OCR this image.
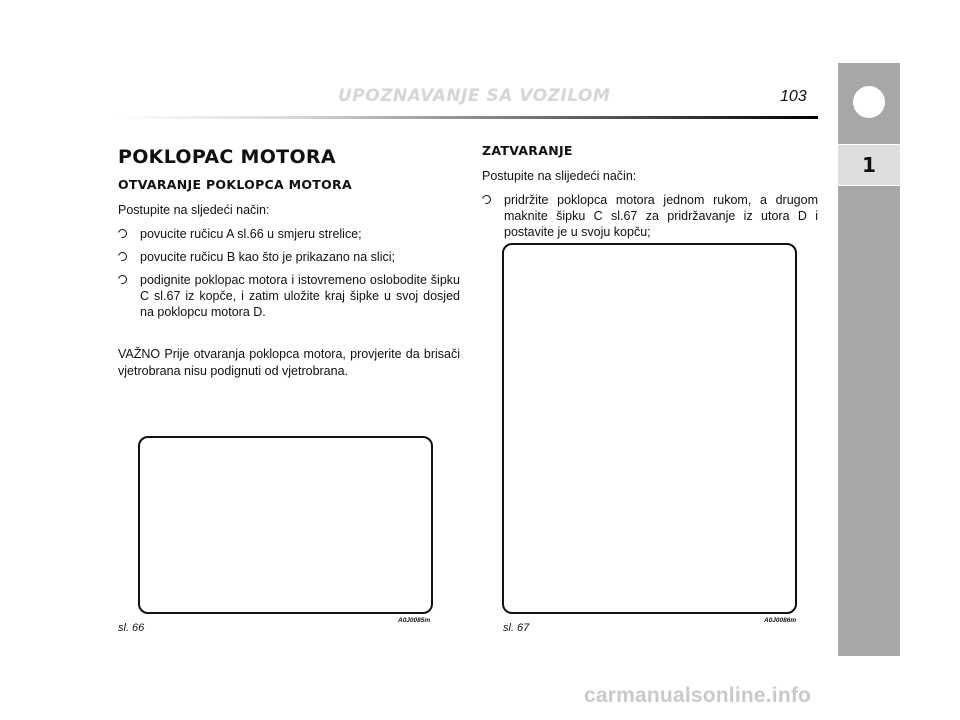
UPOZNAVANJE SA VOZILOM	103
1
POKLOPAC MOTORA
OTVARANJE POKLOPCA MOTORA
Postupite na sljedeći način:
povucite ručicu A sl.66 u smjeru strelice;
povucite ručicu B kao što je prikazano na slici;
podignite poklopac motora i istovremeno oslobodite šipku C sl.67 iz kopče, i zatim uložite kraj šipke u svoj dosjed na poklopcu motora D.
VAŽNO Prije otvaranja poklopca motora, provjerite da brisači vjetrobrana nisu podignuti od vjetrobrana.
ZATVARANJE
Postupite na slijedeći način:
pridržite poklopca motora jednom rukom, a drugom maknite šipku C sl.67 za pridržavanje iz utora D i postavite je u svoju kopču;
sl. 66
A0J0085m
sl. 67
A0J0086m
carmanualsonline.info
